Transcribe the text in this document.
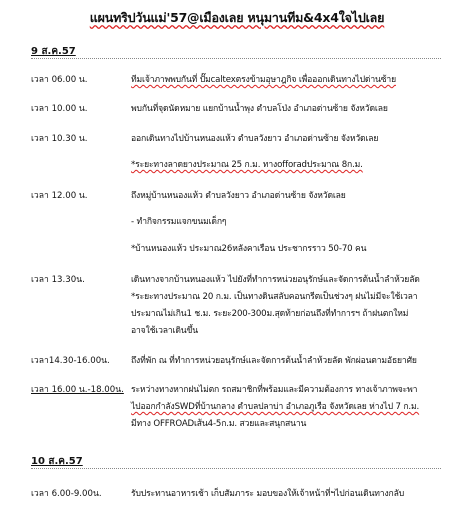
แผนทริปวันแม่'57@เมืองเลย หนุมานทีม&4x4ใจไปเลย
9 ส.ค.57
เวลา 06.00 น.	ทีมเจ้าภาพพบกันที่ ปั๊มcaltexตรงข้ามอุษาฎกิจ เพื่อออกเดินทางไปด่านซ้าย
เวลา 10.00 น.	พบกันที่จุดนัดหมาย แยกบ้านน้ำพุง ตำบลโป่ง อำเภอด่านซ้าย จังหวัดเลย
เวลา 10.30 น.	ออกเดินทางไปบ้านหนองแห้ว ตำบลวังยาว อำเภอด่านซ้าย จังหวัดเลย
*ระยะทางลาดยางประมาณ 25 ก.ม. ทางofforadประมาณ 8ก.ม.
เวลา 12.00 น.	ถึงหมู่บ้านหนองแห้ว ตำบลวังยาว อำเภอด่านซ้าย จังหวัดเลย
- ทำกิจกรรมแจกขนมเด็กๆ
*บ้านหนองแห้ว ประมาณ26หลังคาเรือน ประชากรราว 50-70 คน
เวลา 13.30น.	เดินทางจากบ้านหนองแห้ว ไปยังที่ทำการหน่วยอนุรักษ์และจัดการต้นน้ำลำห้วยลัด
*ระยะทางประมาณ 20 ก.ม. เป็นทางดินสลับคอนกรีตเป็นช่วงๆ ฝนไม่มีจะใช้เวลา
ประมาณไม่เกิน1 ช.ม. ระยะ200-300ม.สุดท้ายก่อนถึงที่ทำการฯ ถ้าฝนตกใหม่
อาจใช้เวลาเดินขึ้น
เวลา14.30-16.00น. ถึงที่พัก ณ ที่ทำการหน่วยอนุรักษ์และจัดการต้นน้ำลำห้วยลัด พักผ่อนตามอัธยาศัย
เวลา 16.00 น.-18.00น. ระหว่างทางหากฝนไม่ตก รถสมาชิกที่พร้อมและมีความต้องการ ทางเจ้าภาพจะพา
ไปออกกำลังSWDที่บ้านกลาง ตำบลปลาบ่า อำเภอภูเรือ จังหวัดเลย ห่างไป 7 ก.ม.
มีทาง OFFROADเส้น4-5ก.ม. สวยและสนุกสนาน
10 ส.ค.57
เวลา 6.00-9.00น.	รับประทานอาหารเช้า เก็บสัมภาระ มอบของให้เจ้าหน้าที่ฯไปก่อนเดินทางกลับ
